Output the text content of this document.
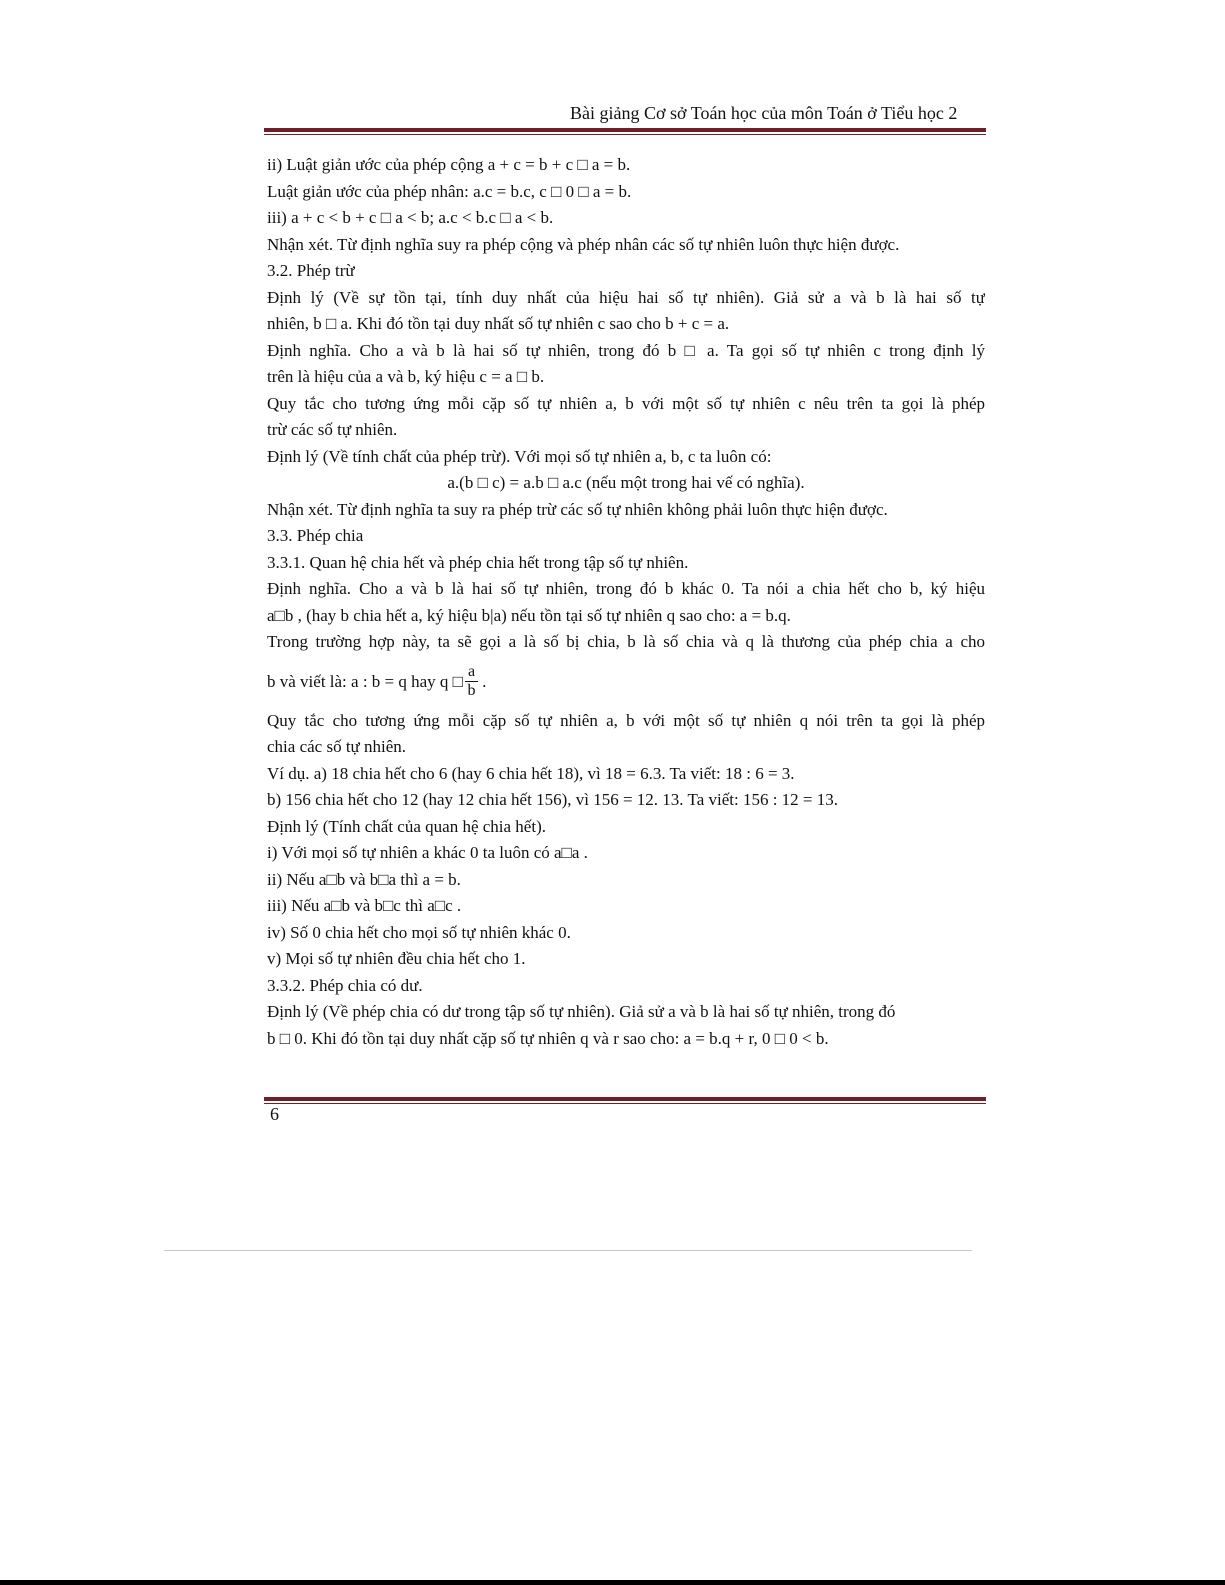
Bài giảng Cơ sở Toán học của môn Toán ở Tiểu học 2
ii) Luật giản ước của phép cộng a + c = b + c □ a = b.
Luật giản ước của phép nhân: a.c = b.c, c □ 0 □ a = b.
iii) a + c < b + c □ a < b; a.c < b.c □ a < b.
Nhận xét. Từ định nghĩa suy ra phép cộng và phép nhân các số tự nhiên luôn thực hiện được.
3.2. Phép trừ
Định lý (Về sự tồn tại, tính duy nhất của hiệu hai số tự nhiên). Giả sử a và b là hai số tự
nhiên, b □ a. Khi đó tồn tại duy nhất số tự nhiên c sao cho b + c = a.
Định nghĩa. Cho a và b là hai số tự nhiên, trong đó b □ a. Ta gọi số tự nhiên c trong định lý
trên là hiệu của a và b, ký hiệu c = a □ b.
Quy tắc cho tương ứng mỗi cặp số tự nhiên a, b với một số tự nhiên c nêu trên ta gọi là phép
trừ các số tự nhiên.
Định lý (Về tính chất của phép trừ). Với mọi số tự nhiên a, b, c ta luôn có:
a.(b □ c) = a.b □ a.c (nếu một trong hai vế có nghĩa).
Nhận xét. Từ định nghĩa ta suy ra phép trừ các số tự nhiên không phải luôn thực hiện được.
3.3. Phép chia
3.3.1. Quan hệ chia hết và phép chia hết trong tập số tự nhiên.
Định nghĩa. Cho a và b là hai số tự nhiên, trong đó b khác 0. Ta nói a chia hết cho b, ký hiệu
a□b , (hay b chia hết a, ký hiệu b|a) nếu tồn tại số tự nhiên q sao cho: a = b.q.
Trong trường hợp này, ta sẽ gọi a là số bị chia, b là số chia và q là thương của phép chia a cho
b và viết là: a : b = q hay q □ $\frac{a}{b}$ .
Quy tắc cho tương ứng mỗi cặp số tự nhiên a, b với một số tự nhiên q nói trên ta gọi là phép
chia các số tự nhiên.
Ví dụ. a) 18 chia hết cho 6 (hay 6 chia hết 18), vì 18 = 6.3. Ta viết: 18 : 6 = 3.
b) 156 chia hết cho 12 (hay 12 chia hết 156), vì 156 = 12. 13. Ta viết: 156 : 12 = 13.
Định lý (Tính chất của quan hệ chia hết).
i) Với mọi số tự nhiên a khác 0 ta luôn có a□a .
ii) Nếu a□b và b□a thì a = b.
iii) Nếu a□b và b□c thì a□c .
iv) Số 0 chia hết cho mọi số tự nhiên khác 0.
v) Mọi số tự nhiên đều chia hết cho 1.
3.3.2. Phép chia có dư.
Định lý (Về phép chia có dư trong tập số tự nhiên). Giả sử a và b là hai số tự nhiên, trong đó
b □ 0. Khi đó tồn tại duy nhất cặp số tự nhiên q và r sao cho: a = b.q + r, 0 □ 0 < b.
6
